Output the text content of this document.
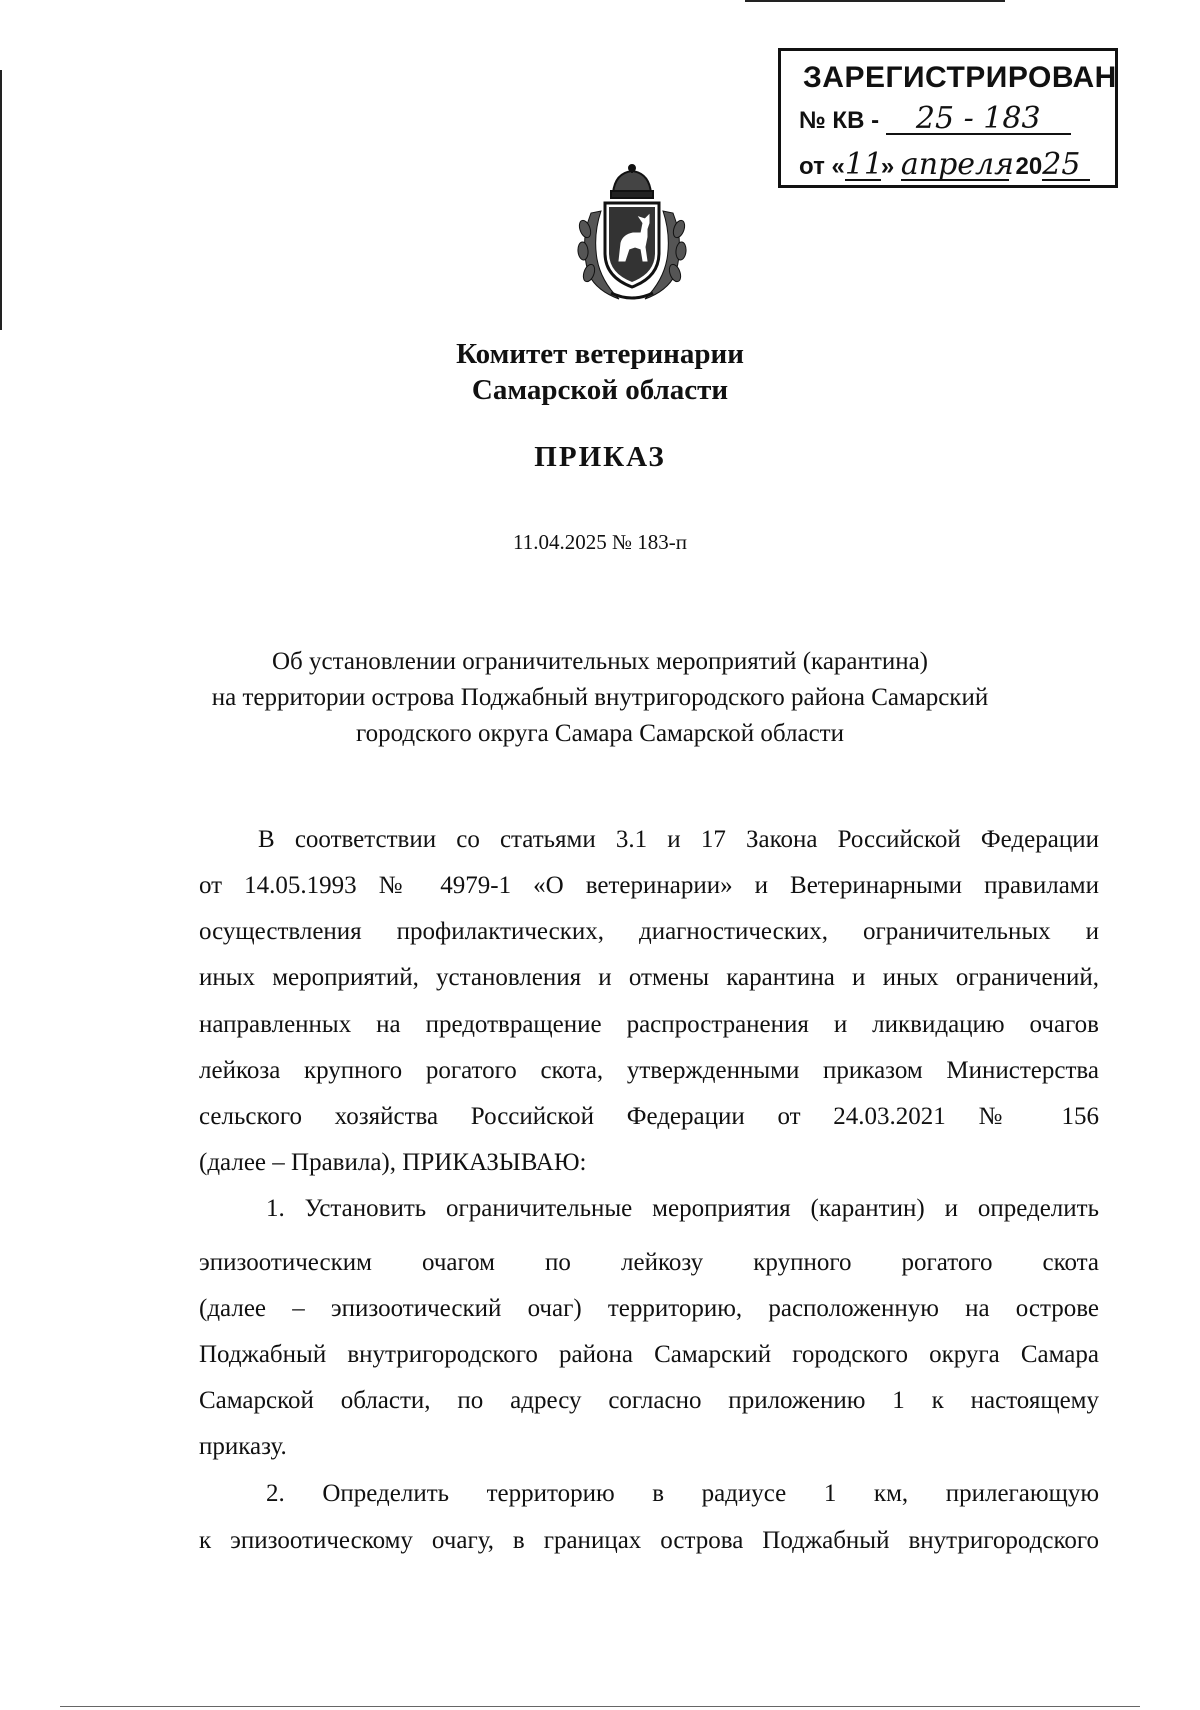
ЗАРЕГИСТРИРОВАН
№ КВ - 25 - 183
от «11» апреля 2025
Комитет ветеринарии
Самарской области
ПРИКАЗ
11.04.2025 № 183-п
Об установлении ограничительных мероприятий (карантина)
на территории острова Поджабный внутригородского района Самарский
городского округа Самара Самарской области
В соответствии со статьями 3.1 и 17 Закона Российской Федерации
от 14.05.1993 № 4979-1 «О ветеринарии» и Ветеринарными правилами
осуществления профилактических, диагностических, ограничительных и
иных мероприятий, установления и отмены карантина и иных ограничений,
направленных на предотвращение распространения и ликвидацию очагов
лейкоза крупного рогатого скота, утвержденными приказом Министерства
сельского хозяйства Российской Федерации от 24.03.2021 № 156
(далее – Правила), ПРИКАЗЫВАЮ:
1. Установить ограничительные мероприятия (карантин) и определить
эпизоотическим очагом по лейкозу крупного рогатого скота
(далее – эпизоотический очаг) территорию, расположенную на острове
Поджабный внутригородского района Самарский городского округа Самара
Самарской области, по адресу согласно приложению 1 к настоящему
приказу.
2. Определить территорию в радиусе 1 км, прилегающую
к эпизоотическому очагу, в границах острова Поджабный внутригородского
